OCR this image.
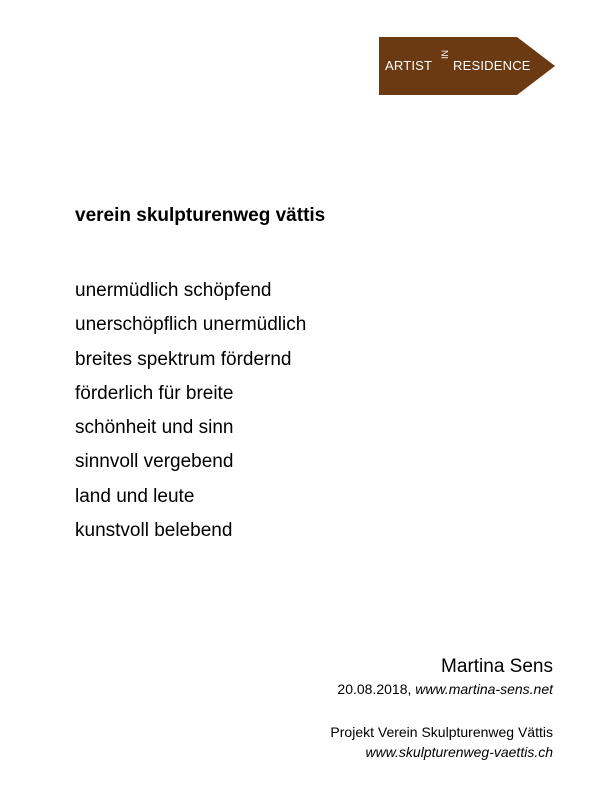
ARTIST
IN
RESIDENCE
verein skulpturenweg vättis
unermüdlich schöpfend
unerschöpflich unermüdlich
breites spektrum fördernd
förderlich für breite
schönheit und sinn
sinnvoll vergebend
land und leute
kunstvoll belebend
Martina Sens
20.08.2018, www.martina-sens.net
Projekt Verein Skulpturenweg Vättis
www.skulpturenweg-vaettis.ch
